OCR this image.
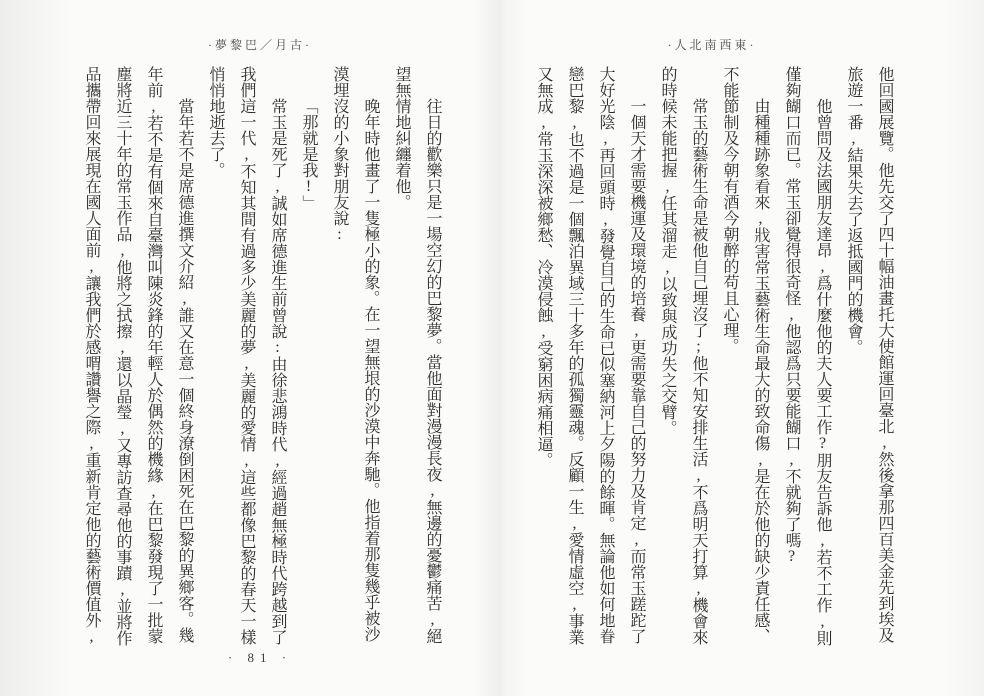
·人北南西東·

他回國展覽。他先交了四十幅油畫托大使館運回臺北,然後拿那四百美金先到埃及旅遊一番,結果失去了返抵國門的機會。

他曾問及法國朋友達昂,爲什麼他的夫人要工作?朋友告訴他,若不工作,則僅夠餬口而已。常玉卻覺得很奇怪,他認爲只要能餬口,不就夠了嗎?

由種種跡象看來,戕害常玉藝術生命最大的致命傷,是在於他的缺少責任感、不能節制及今朝有酒今朝醉的苟且心理。

常玉的藝術生命是被他自己埋沒了;他不知安排生活,不爲明天打算,機會來的時候未能把握,任其溜走,以致與成功失之交臂。

一個天才需要機運及環境的培養,更需要靠自己的努力及肯定,而常玉蹉跎了大好光陰,再回頭時,發覺自己的生命已似塞納河上夕陽的餘暉。無論他如何地眷戀巴黎,也不過是一個飄泊異域三十多年的孤獨靈魂。反顧一生,愛情虛空,事業又無成,常玉深深被鄉愁、冷漠侵蝕,受窮困病痛相逼。

·夢黎巴／月古·

往日的歡樂只是一場空幻的巴黎夢。當他面對漫漫長夜,無邊的憂鬱痛苦,絕望無情地糾纏着他。

晚年時他畫了一隻極小的象。在一望無垠的沙漠中奔馳。他指着那隻幾乎被沙漠埋沒的小象對朋友說:

「那就是我!」

常玉是死了,誠如席德進生前曾說:由徐悲鴻時代,經過趙無極時代跨越到了我們這一代,不知其間有過多少美麗的夢,美麗的愛情,這些都像巴黎的春天一樣悄悄地逝去了。

當年若不是席德進撰文介紹,誰又在意一個終身潦倒困死在巴黎的異鄉客。幾年前,若不是有個來自臺灣叫陳炎鋒的年輕人於偶然的機緣,在巴黎發現了一批蒙塵將近三十年的常玉作品,他將之拭擦,還以晶瑩,又專訪查尋他的事蹟,並將作品攜帶回來展現在國人面前,讓我們於感喟讚譽之際,重新肯定他的藝術價值外,

· 81 ·
